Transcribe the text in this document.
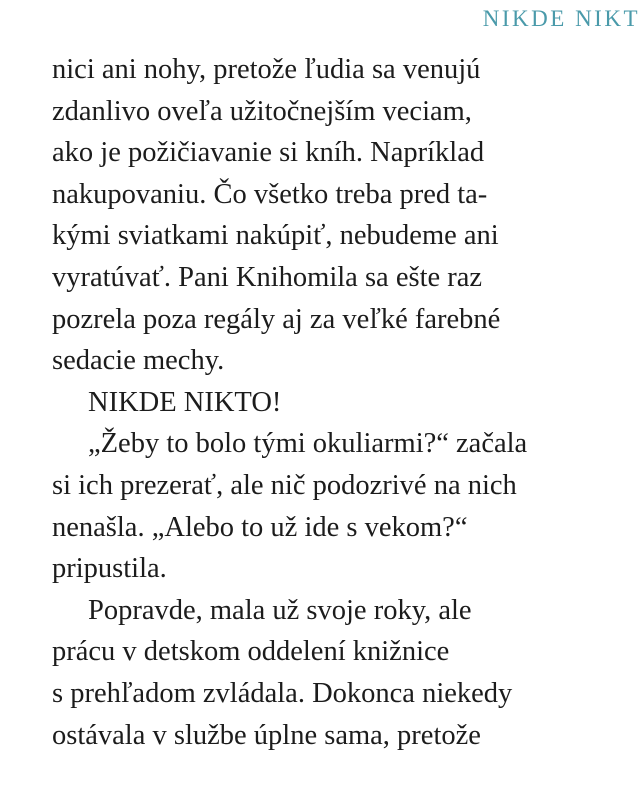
NIKDE NIKT
nici ani nohy, pretože ľudia sa venujú
zdanlivo oveľa užitočnejším veciam,
ako je požičiavanie si kníh. Napríklad
nakupovaniu. Čo všetko treba pred ta-
kými sviatkami nakúpiť, nebudeme ani
vyratúvať. Pani Knihomila sa ešte raz
pozrela poza regály aj za veľké farebné
sedacie mechy.
NIKDE NIKTO!
„Žeby to bolo tými okuliarmi?“ začala
si ich prezerať, ale nič podozrivé na nich
nenašla. „Alebo to už ide s vekom?“
pripustila.
Popravde, mala už svoje roky, ale
prácu v detskom oddelení knižnice
s prehľadom zvládala. Dokonca niekedy
ostávala v službe úplne sama, pretože
